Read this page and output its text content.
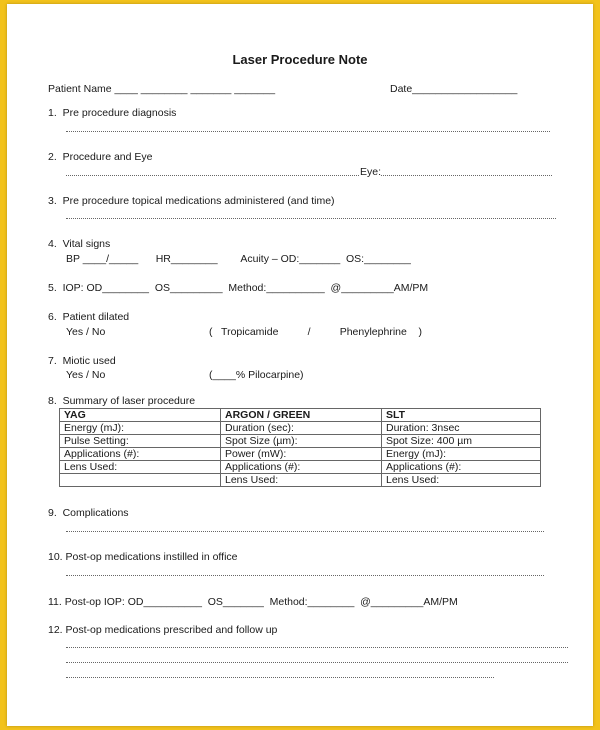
Laser Procedure Note
Patient Name ____ ________ _______ _______	Date__________________
1.  Pre procedure diagnosis
2.  Procedure and Eye
Eye:
3.  Pre procedure topical medications administered (and time)
4.  Vital signs
BP ____/_____      HR________        Acuity – OD:_______  OS:________
5.  IOP: OD________  OS_________  Method:__________  @_________AM/PM
6.  Patient dilated
Yes / No	(   Tropicamide          /          Phenylephrine    )
7.  Miotic used
Yes / No	(____% Pilocarpine)
8.  Summary of laser procedure
YAG	ARGON / GREEN	SLT
Energy (mJ):	Duration (sec):	Duration: 3nsec
Pulse Setting:	Spot Size (µm):	Spot Size: 400 µm
Applications (#):	Power (mW):	Energy (mJ):
Lens Used:	Applications (#):	Applications (#):
	Lens Used:	Lens Used:
9.  Complications
10. Post-op medications instilled in office
11. Post-op IOP: OD__________  OS_______  Method:________  @_________AM/PM
12. Post-op medications prescribed and follow up
